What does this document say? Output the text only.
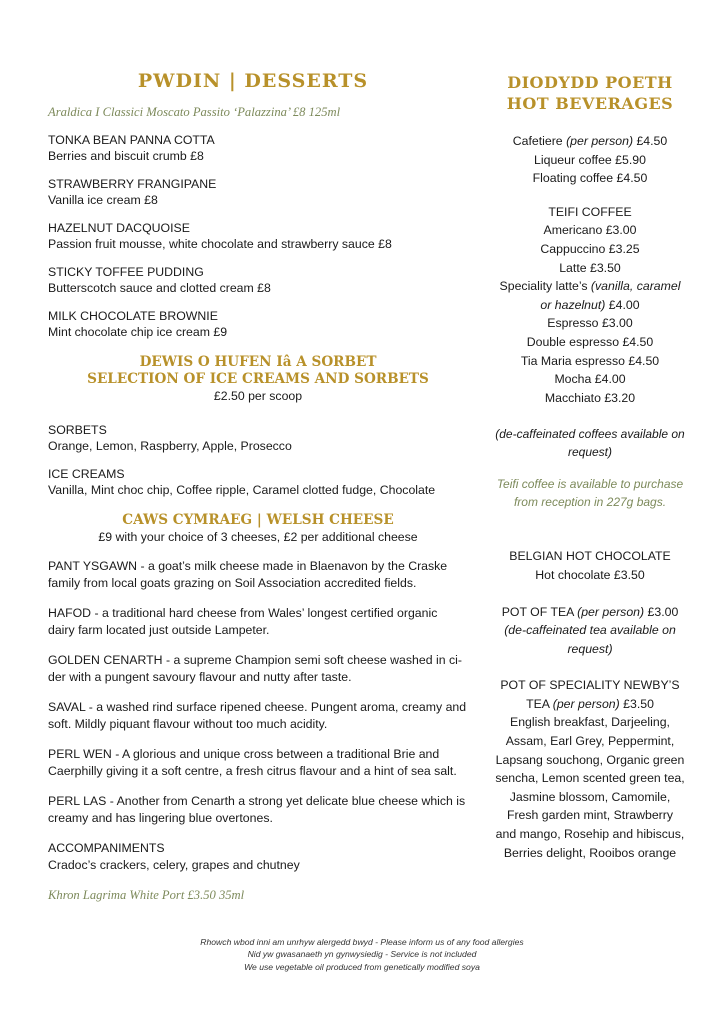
PWDIN | DESSERTS
Araldica I Classici Moscato Passito ‘Palazzina’ £8 125ml
TONKA BEAN PANNA COTTA
Berries and biscuit crumb £8
STRAWBERRY FRANGIPANE
Vanilla ice cream £8
HAZELNUT DACQUOISE
Passion fruit mousse, white chocolate and strawberry sauce £8
STICKY TOFFEE PUDDING
Butterscotch sauce and clotted cream £8
MILK CHOCOLATE BROWNIE
Mint chocolate chip ice cream £9
DEWIS O HUFEN Iâ A SORBET
SELECTION OF ICE CREAMS AND SORBETS
£2.50 per scoop
SORBETS
Orange, Lemon, Raspberry, Apple, Prosecco
ICE CREAMS
Vanilla, Mint choc chip, Coffee ripple, Caramel clotted fudge, Chocolate
CAWS CYMRAEG | WELSH CHEESE
£9 with your choice of 3 cheeses, £2 per additional cheese
PANT YSGAWN - a goat’s milk cheese made in Blaenavon by the Craske
family from local goats grazing on Soil Association accredited fields.
HAFOD - a traditional hard cheese from Wales’ longest certified organic
dairy farm located just outside Lampeter.
GOLDEN CENARTH - a supreme Champion semi soft cheese washed in ci-
der with a pungent savoury flavour and nutty after taste.
SAVAL - a washed rind surface ripened cheese. Pungent aroma, creamy and
soft. Mildly piquant flavour without too much acidity.
PERL WEN - A glorious and unique cross between a traditional Brie and
Caerphilly giving it a soft centre, a fresh citrus flavour and a hint of sea salt.
PERL LAS - Another from Cenarth a strong yet delicate blue cheese which is
creamy and has lingering blue overtones.
ACCOMPANIMENTS
Cradoc’s crackers, celery, grapes and chutney
Khron Lagrima White Port £3.50 35ml
DIODYDD POETH
HOT BEVERAGES
Cafetiere (per person) £4.50
Liqueur coffee £5.90
Floating coffee £4.50
TEIFI COFFEE
Americano £3.00
Cappuccino £3.25
Latte £3.50
Speciality latte’s (vanilla, caramel
or hazelnut) £4.00
Espresso £3.00
Double espresso £4.50
Tia Maria espresso £4.50
Mocha £4.00
Macchiato £3.20
(de-caffeinated coffees available on
request)
Teifi coffee is available to purchase
from reception in 227g bags.
BELGIAN HOT CHOCOLATE
Hot chocolate £3.50
POT OF TEA (per person) £3.00
(de-caffeinated tea available on
request)
POT OF SPECIALITY NEWBY’S
TEA (per person) £3.50
English breakfast, Darjeeling,
Assam, Earl Grey, Peppermint,
Lapsang souchong, Organic green
sencha, Lemon scented green tea,
Jasmine blossom, Camomile,
Fresh garden mint, Strawberry
and mango, Rosehip and hibiscus,
Berries delight, Rooibos orange
Rhowch wbod inni am unrhyw alergedd bwyd - Please inform us of any food allergies
Nid yw gwasanaeth yn gynwysiedig - Service is not included
We use vegetable oil produced from genetically modified soya
